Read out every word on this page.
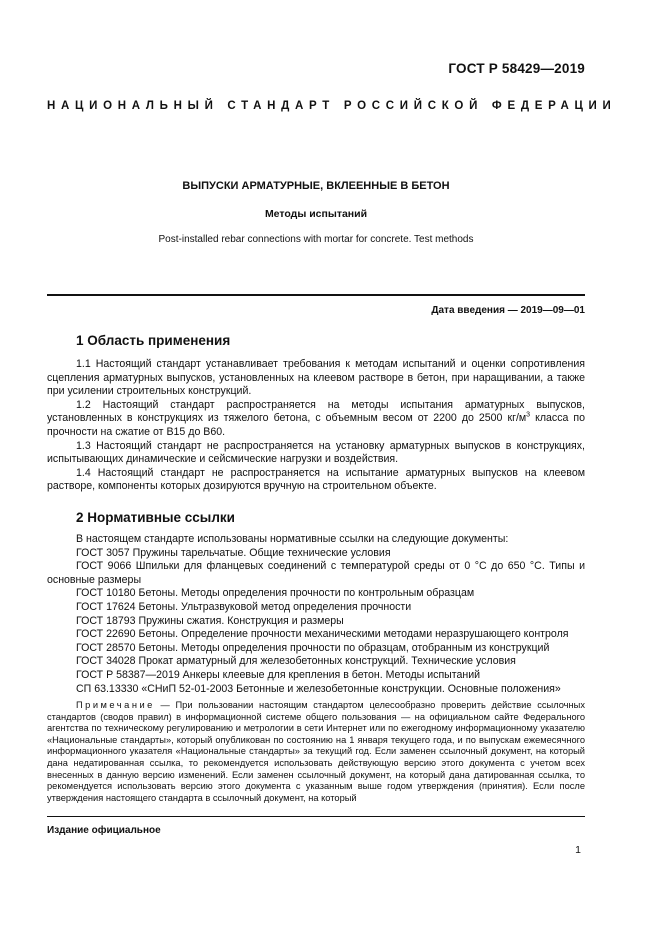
ГОСТ Р 58429—2019
НАЦИОНАЛЬНЫЙ СТАНДАРТ РОССИЙСКОЙ ФЕДЕРАЦИИ
ВЫПУСКИ АРМАТУРНЫЕ, ВКЛЕЕННЫЕ В БЕТОН
Методы испытаний
Post-installed rebar connections with mortar for concrete. Test methods
Дата введения — 2019—09—01
1 Область применения

1.1 Настоящий стандарт устанавливает требования к методам испытаний и оценки сопротивления сцепления арматурных выпусков, установленных на клеевом растворе в бетон, при наращивании, а также при усилении строительных конструкций.

1.2 Настоящий стандарт распространяется на методы испытания арматурных выпусков, установленных в конструкциях из тяжелого бетона, с объемным весом от 2200 до 2500 $кг/м^3$ класса по прочности на сжатие от B15 до B60.

1.3 Настоящий стандарт не распространяется на установку арматурных выпусков в конструкциях, испытывающих динамические и сейсмические нагрузки и воздействия.

1.4 Настоящий стандарт не распространяется на испытание арматурных выпусков на клеевом растворе, компоненты которых дозируются вручную на строительном объекте.

2 Нормативные ссылки

В настоящем стандарте использованы нормативные ссылки на следующие документы:

ГОСТ 3057 Пружины тарельчатые. Общие технические условия

ГОСТ 9066 Шпильки для фланцевых соединений с температурой среды от 0 °С до 650 °С. Типы и основные размеры

ГОСТ 10180 Бетоны. Методы определения прочности по контрольным образцам

ГОСТ 17624 Бетоны. Ультразвуковой метод определения прочности

ГОСТ 18793 Пружины сжатия. Конструкция и размеры

ГОСТ 22690 Бетоны. Определение прочности механическими методами неразрушающего контроля

ГОСТ 28570 Бетоны. Методы определения прочности по образцам, отобранным из конструкций

ГОСТ 34028 Прокат арматурный для железобетонных конструкций. Технические условия

ГОСТ Р 58387—2019 Анкеры клеевые для крепления в бетон. Методы испытаний

СП 63.13330 «СНиП 52-01-2003 Бетонные и железобетонные конструкции. Основные положения»

Примечание — При пользовании настоящим стандартом целесообразно проверить действие ссылочных стандартов (сводов правил) в информационной системе общего пользования — на официальном сайте Федерального агентства по техническому регулированию и метрологии в сети Интернет или по ежегодному информационному указателю «Национальные стандарты», который опубликован по состоянию на 1 января текущего года, и по выпускам ежемесячного информационного указателя «Национальные стандарты» за текущий год. Если заменен ссылочный документ, на который дана недатированная ссылка, то рекомендуется использовать действующую версию этого документа с учетом всех внесенных в данную версию изменений. Если заменен ссылочный документ, на который дана датированная ссылка, то рекомендуется использовать версию этого документа с указанным выше годом утверждения (принятия). Если после утверждения настоящего стандарта в ссылочный документ, на который

Издание официальное
1
